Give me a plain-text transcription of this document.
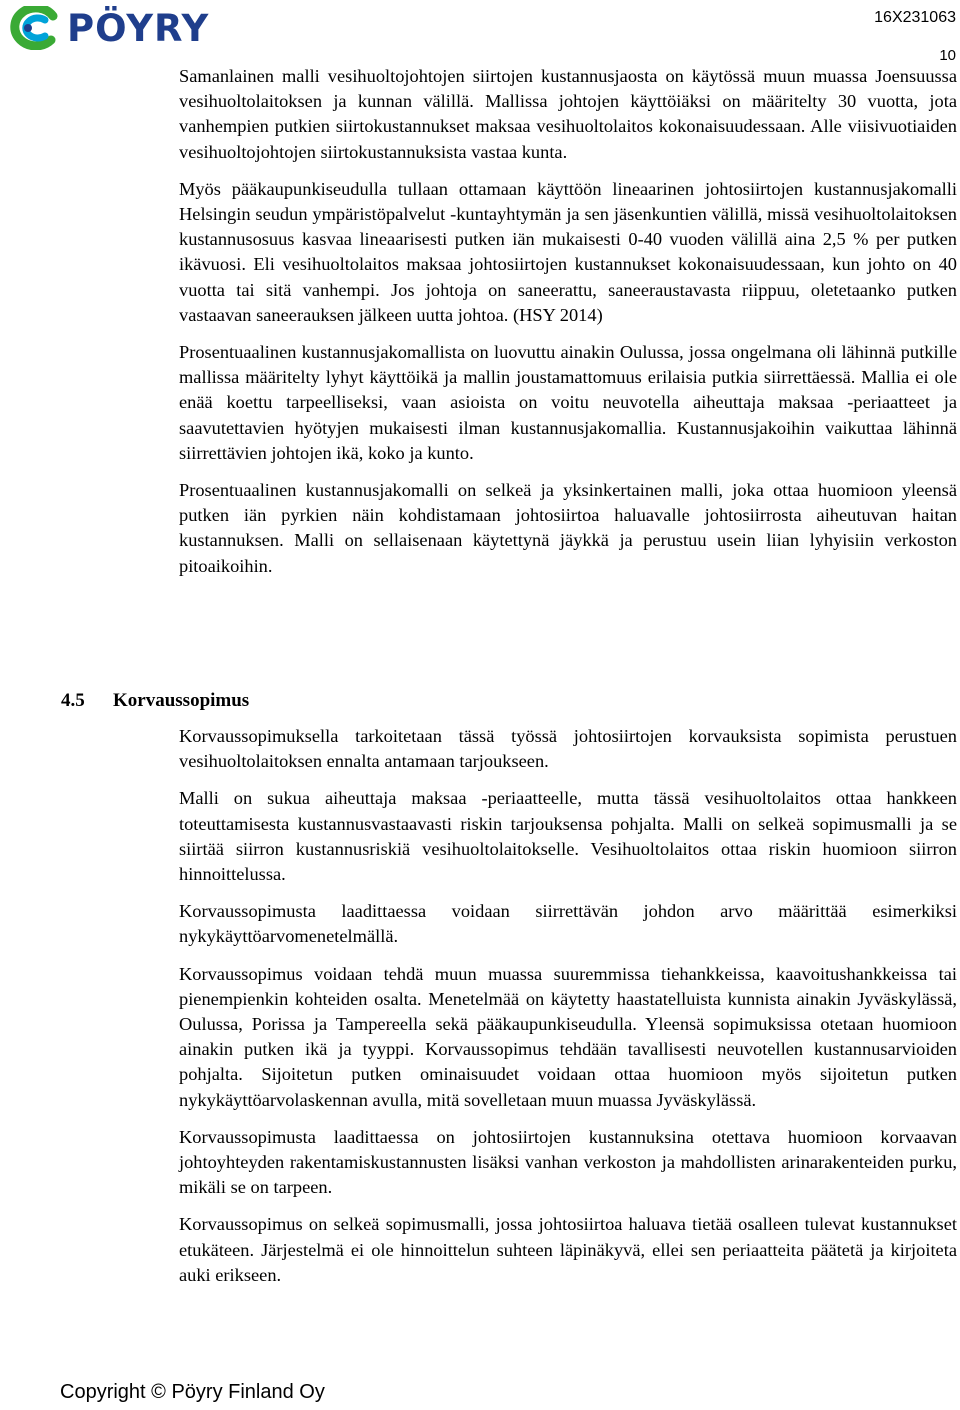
PÖYRY	16X231063
10

Samanlainen malli vesihuoltojohtojen siirtojen kustannusjaosta on käytössä muun muassa Joensuussa vesihuoltolaitoksen ja kunnan välillä. Mallissa johtojen käyttöiäksi on määritelty 30 vuotta, jota vanhempien putkien siirtokustannukset maksaa vesihuoltolaitos kokonaisuudessaan. Alle viisivuotiaiden vesihuoltojohtojen siirtokustannuksista vastaa kunta.

Myös pääkaupunkiseudulla tullaan ottamaan käyttöön lineaarinen johtosiirtojen kustannusjakomalli Helsingin seudun ympäristöpalvelut -kuntayhtymän ja sen jäsenkuntien välillä, missä vesihuoltolaitoksen kustannusosuus kasvaa lineaarisesti putken iän mukaisesti 0-40 vuoden välillä aina 2,5 % per putken ikävuosi. Eli vesihuoltolaitos maksaa johtosiirtojen kustannukset kokonaisuudessaan, kun johto on 40 vuotta tai sitä vanhempi. Jos johtoja on saneerattu, saneeraustavasta riippuu, oletetaanko putken vastaavan saneerauksen jälkeen uutta johtoa. (HSY 2014)

Prosentuaalinen kustannusjakomallista on luovuttu ainakin Oulussa, jossa ongelmana oli lähinnä putkille mallissa määritelty lyhyt käyttöikä ja mallin joustamattomuus erilaisia putkia siirrettäessä. Mallia ei ole enää koettu tarpeelliseksi, vaan asioista on voitu neuvotella aiheuttaja maksaa -periaatteet ja saavutettavien hyötyjen mukaisesti ilman kustannusjakomallia. Kustannusjakoihin vaikuttaa lähinnä siirrettävien johtojen ikä, koko ja kunto.

Prosentuaalinen kustannusjakomalli on selkeä ja yksinkertainen malli, joka ottaa huomioon yleensä putken iän pyrkien näin kohdistamaan johtosiirtoa haluavalle johtosiirrosta aiheutuvan haitan kustannuksen. Malli on sellaisenaan käytettynä jäykkä ja perustuu usein liian lyhyisiin verkoston pitoaikoihin.

4.5 Korvaussopimus

Korvaussopimuksella tarkoitetaan tässä työssä johtosiirtojen korvauksista sopimista perustuen vesihuoltolaitoksen ennalta antamaan tarjoukseen.

Malli on sukua aiheuttaja maksaa -periaatteelle, mutta tässä vesihuoltolaitos ottaa hankkeen toteuttamisesta kustannusvastaavasti riskin tarjouksensa pohjalta. Malli on selkeä sopimusmalli ja se siirtää siirron kustannusriskiä vesihuoltolaitokselle. Vesihuoltolaitos ottaa riskin huomioon siirron hinnoittelussa.

Korvaussopimusta laadittaessa voidaan siirrettävän johdon arvo määrittää esimerkiksi nykykäyttöarvomenetelmällä.

Korvaussopimus voidaan tehdä muun muassa suuremmissa tiehankkeissa, kaavoitushankkeissa tai pienempienkin kohteiden osalta. Menetelmää on käytetty haastatelluista kunnista ainakin Jyväskylässä, Oulussa, Porissa ja Tampereella sekä pääkaupunkiseudulla. Yleensä sopimuksissa otetaan huomioon ainakin putken ikä ja tyyppi. Korvaussopimus tehdään tavallisesti neuvotellen kustannusarvioiden pohjalta. Sijoitetun putken ominaisuudet voidaan ottaa huomioon myös sijoitetun putken nykykäyttöarvolaskennan avulla, mitä sovelletaan muun muassa Jyväskylässä.

Korvaussopimusta laadittaessa on johtosiirtojen kustannuksina otettava huomioon korvaavan johtoyhteyden rakentamiskustannusten lisäksi vanhan verkoston ja mahdollisten arinarakenteiden purku, mikäli se on tarpeen.

Korvaussopimus on selkeä sopimusmalli, jossa johtosiirtoa haluava tietää osalleen tulevat kustannukset etukäteen. Järjestelmä ei ole hinnoittelun suhteen läpinäkyvä, ellei sen periaatteita päätetä ja kirjoiteta auki erikseen.

Copyright © Pöyry Finland Oy
